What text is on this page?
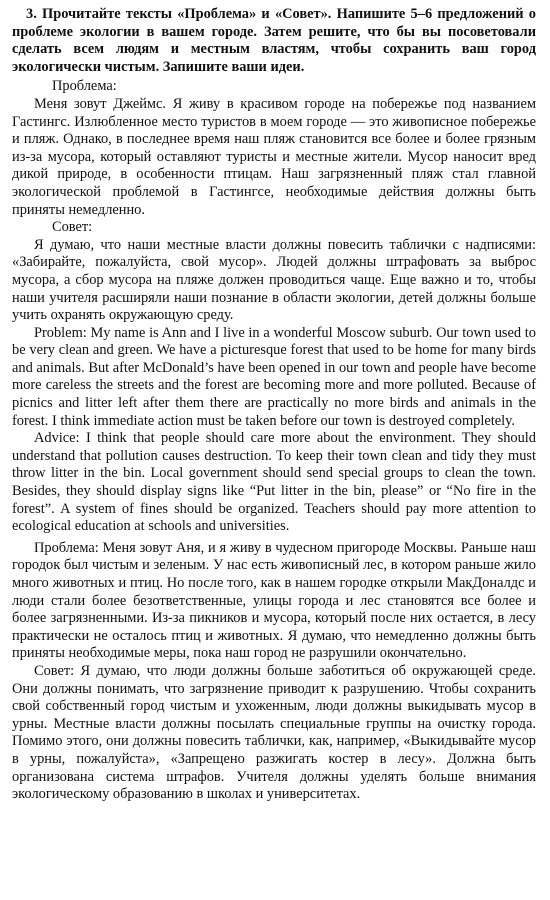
3. Прочитайте тексты «Проблема» и «Совет». Напишите 5–6 предложений о проблеме экологии в вашем городе. Затем решите, что бы вы посоветовали сделать всем людям и местным властям, чтобы сохранить ваш город экологически чистым. Запишите ваши идеи.

Проблема:

Меня зовут Джеймс. Я живу в красивом городе на побережье под названием Гастингс. Излюбленное место туристов в моем городе — это живописное побережье и пляж. Однако, в последнее время наш пляж становится все более и более грязным из-за мусора, который оставляют туристы и местные жители. Мусор наносит вред дикой природе, в особенности птицам. Наш загрязненный пляж стал главной экологической проблемой в Гастингсе, необходимые действия должны быть приняты немедленно.

Совет:

Я думаю, что наши местные власти должны повесить таблички с надписями: «Забирайте, пожалуйста, свой мусор». Людей должны штрафовать за выброс мусора, а сбор мусора на пляже должен проводиться чаще. Еще важно и то, чтобы наши учителя расширяли наши познание в области экологии, детей должны больше учить охранять окружающую среду.

Problem: My name is Ann and I live in a wonderful Moscow suburb. Our town used to be very clean and green. We have a picturesque forest that used to be home for many birds and animals. But after McDonald’s have been opened in our town and people have become more careless the streets and the forest are becoming more and more polluted. Because of picnics and litter left after them there are practically no more birds and animals in the forest. I think immediate action must be taken before our town is destroyed completely.

Advice: I think that people should care more about the environment. They should understand that pollution causes destruction. To keep their town clean and tidy they must throw litter in the bin. Local government should send special groups to clean the town. Besides, they should display signs like “Put litter in the bin, please” or “No fire in the forest”. A system of fines should be organized. Teachers should pay more attention to ecological education at schools and universities.

Проблема: Меня зовут Аня, и я живу в чудесном пригороде Москвы. Раньше наш городок был чистым и зеленым. У нас есть живописный лес, в котором раньше жило много животных и птиц. Но после того, как в нашем городке открыли МакДоналдс и люди стали более безответственные, улицы города и лес становятся все более и более загрязненными. Из-за пикников и мусора, который после них остается, в лесу практически не осталось птиц и животных. Я думаю, что немедленно должны быть приняты необходимые меры, пока наш город не разрушили окончательно.

Совет: Я думаю, что люди должны больше заботиться об окружающей среде. Они должны понимать, что загрязнение приводит к разрушению. Чтобы сохранить свой собственный город чистым и ухоженным, люди должны выкидывать мусор в урны. Местные власти должны посылать специальные группы на очистку города. Помимо этого, они должны повесить таблички, как, например, «Выкидывайте мусор в урны, пожалуйста», «Запрещено разжигать костер в лесу». Должна быть организована система штрафов. Учителя должны уделять больше внимания экологическому образованию в школах и университетах.
